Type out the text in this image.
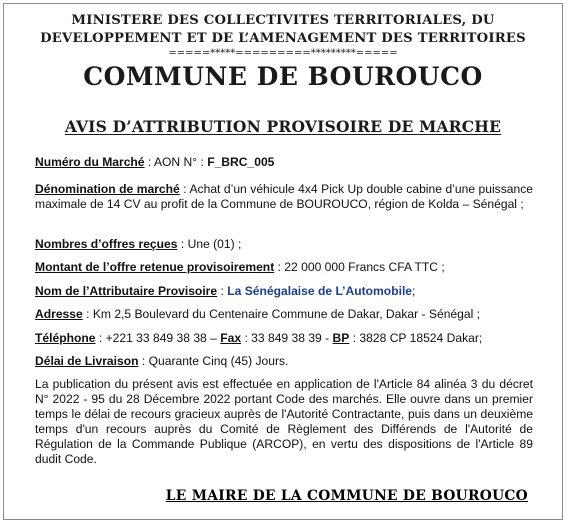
MINISTERE DES COLLECTIVITES TERRITORIALES, DU
DEVELOPPEMENT ET DE L’AMENAGEMENT DES TERRITOIRES
=====*****=========*********=====
COMMUNE DE BOUROUCO
AVIS D’ATTRIBUTION PROVISOIRE DE MARCHE
Numéro du Marché : AON N° : F_BRC_005
Dénomination de marché : Achat d’un véhicule 4x4 Pick Up double cabine d’une puissance maximale de 14 CV au profit de la Commune de BOUROUCO, région de Kolda – Sénégal ;
Nombres d’offres reçues : Une (01) ;
Montant de l’offre retenue provisoirement : 22 000 000 Francs CFA TTC ;
Nom de l’Attributaire Provisoire : La Sénégalaise de L’Automobile;
Adresse : Km 2,5 Boulevard du Centenaire Commune de Dakar, Dakar - Sénégal ;
Téléphone : +221 33 849 38 38 – Fax : 33 849 38 39 - BP : 3828 CP 18524 Dakar;
Délai de Livraison : Quarante Cinq (45) Jours.
La publication du présent avis est effectuée en application de l'Article 84 alinéa 3 du décret N° 2022 - 95 du 28 Décembre 2022 portant Code des marchés. Elle ouvre dans un premier temps le délai de recours gracieux auprès de l'Autorité Contractante, puis dans un deuxième temps d'un recours auprès du Comité de Règlement des Différends de l'Autorité de Régulation de la Commande Publique (ARCOP), en vertu des dispositions de l'Article 89 dudit Code.
LE MAIRE DE LA COMMUNE DE BOUROUCO
